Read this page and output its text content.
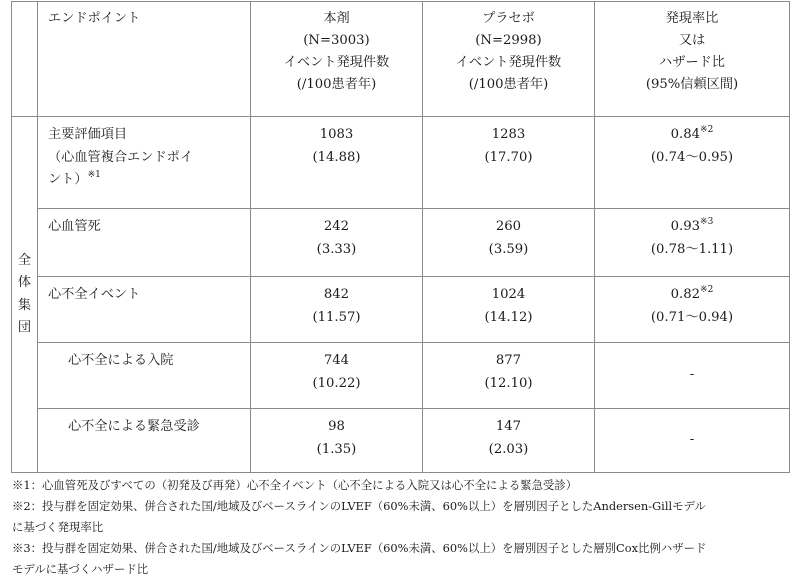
	エンドポイント	本剤
(N=3003)
イベント発現件数
(/100患者年)	プラセボ
(N=2998)
イベント発現件数
(/100患者年)	発現率比
又は
ハザード比
(95%信頼区間)

全
体
集
団	主要評価項目
（心血管複合エンドポイ
ント）$^{※1}$	1083
(14.88)	1283
(17.70)	0.84$^{※2}$
(0.74～0.95)

	心血管死	242
(3.33)	260
(3.59)	0.93$^{※3}$
(0.78～1.11)

	心不全イベント	842
(11.57)	1024
(14.12)	0.82$^{※2}$
(0.71～0.94)

	心不全による入院	744
(10.22)	877
(12.10)	-

	心不全による緊急受診	98
(1.35)	147
(2.03)	-
※1：心血管死及びすべての（初発及び再発）心不全イベント（心不全による入院又は心不全による緊急受診）
※2：投与群を固定効果、併合された国/地域及びベースラインのLVEF（60%未満、60%以上）を層別因子としたAndersen-Gillモデル
に基づく発現率比
※3：投与群を固定効果、併合された国/地域及びベースラインのLVEF（60%未満、60%以上）を層別因子とした層別Cox比例ハザード
モデルに基づくハザード比
